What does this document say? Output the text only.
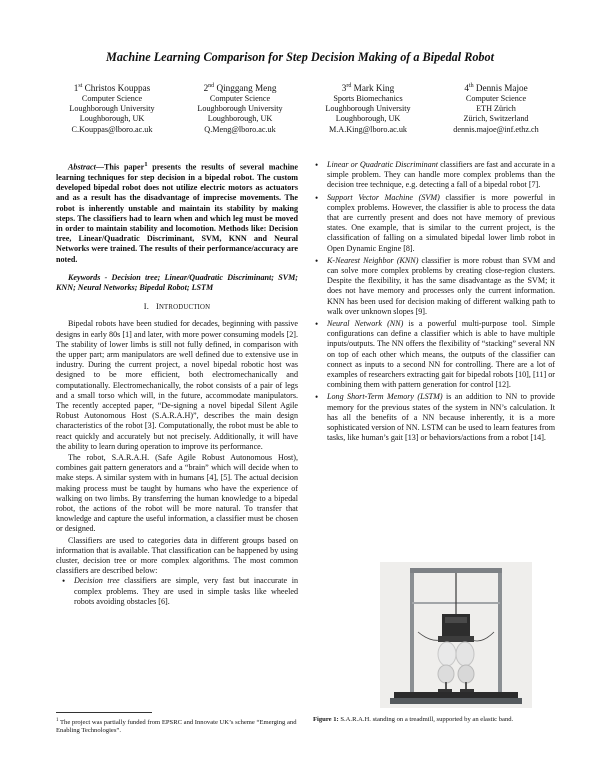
Machine Learning Comparison for Step Decision Making of a Bipedal Robot
1st Christos Kouppas
Computer Science
Loughborough University
Loughborough, UK
C.Kouppas@lboro.ac.uk
2nd Qinggang Meng
Computer Science
Loughborough University
Loughborough, UK
Q.Meng@lboro.ac.uk
3rd Mark King
Sports Biomechanics
Loughborough University
Loughborough, UK
M.A.King@lboro.ac.uk
4th Dennis Majoe
Computer Science
ETH Zürich
Zürich, Switzerland
dennis.majoe@inf.ethz.ch

Abstract—This paper$^1$ presents the results of several machine learning techniques for step decision in a bipedal robot. The custom developed bipedal robot does not utilize electric motors as actuators and as a result has the disadvantage of imprecise movements. The robot is inherently unstable and maintain its stability by making steps. The classifiers had to learn when and which leg must be moved in order to maintain stability and locomotion. Methods like: Decision tree, Linear/Quadratic Discriminant, SVM, KNN and Neural Networks were trained. The results of their performance/accuracy are noted.

Keywords - Decision tree; Linear/Quadratic Discriminant; SVM; KNN; Neural Networks; Bipedal Robot; LSTM

I. INTRODUCTION

Bipedal robots have been studied for decades, beginning with passive designs in early 80s [1] and later, with more power consuming models [2]. The stability of lower limbs is still not fully defined, in comparison with the upper part; arm manipulators are well defined due to extensive use in industry. During the current project, a novel bipedal robotic host was designed to be more efficient, both electromechanically and computationally. Electromechanically, the robot consists of a pair of legs and a small torso which will, in the future, accommodate manipulators. The recently accepted paper, “De-signing a novel bipedal Silent Agile Robust Autonomous Host (S.A.R.A.H)”, describes the main design characteristics of the robot [3]. Computationally, the robot must be able to react quickly and accurately but not precisely. Additionally, it will have the ability to learn during operation to improve its performance.

The robot, S.A.R.A.H. (Safe Agile Robust Autonomous Host), combines gait pattern generators and a “brain” which will decide when to make steps. A similar system with in humans [4], [5]. The actual decision making process must be taught by humans who have the experience of walking on two limbs. By transferring the human knowledge to a bipedal robot, the actions of the robot will be more natural. To transfer that knowledge and capture the useful information, a classifier must be chosen or designed.

Classifiers are used to categories data in different groups based on information that is available. That classification can be happened by using cluster, decision tree or more complex algorithms. The most common classifiers are described below:

• Decision tree classifiers are simple, very fast but inaccurate in complex problems. They are used in simple tasks like wheeled robots avoiding obstacles [6].
$^1$ The project was partially funded from EPSRC and Innovate UK’s scheme “Emerging and Enabling Technologies”.
• Linear or Quadratic Discriminant classifiers are fast and accurate in a simple problem. They can handle more complex problems than the decision tree technique, e.g. detecting a fall of a bipedal robot [7].
• Support Vector Machine (SVM) classifier is more powerful in complex problems. However, the classifier is able to process the data that are currently present and does not have memory of previous states. One example, that is similar to the current project, is the classification of falling on a simulated bipedal lower limb robot in Open Dynamic Engine [8].
• K-Nearest Neighbor (KNN) classifier is more robust than SVM and can solve more complex problems by creating close-region clusters. Despite the flexibility, it has the same disadvantage as the SVM; it does not have memory and processes only the current information. KNN has been used for decision making of different walking path to walk over unknown slopes [9].
• Neural Network (NN) is a powerful multi-purpose tool. Simple configurations can define a classifier which is able to have multiple inputs/outputs. The NN offers the flexibility of “stacking” several NN on top of each other which means, the outputs of the classifier can connect as inputs to a second NN for controlling. There are a lot of examples of researchers extracting gait for bipedal robots [10], [11] or combining them with pattern generation for control [12].
• Long Short-Term Memory (LSTM) is an addition to NN to provide memory for the previous states of the system in NN’s calculation. It has all the benefits of a NN because inherently, it is a more sophisticated version of NN. LSTM can be used to learn features from tasks, like human’s gait [13] or behaviors/actions from a robot [14].
Figure 1: S.A.R.A.H. standing on a treadmill, supported by an elastic band.
